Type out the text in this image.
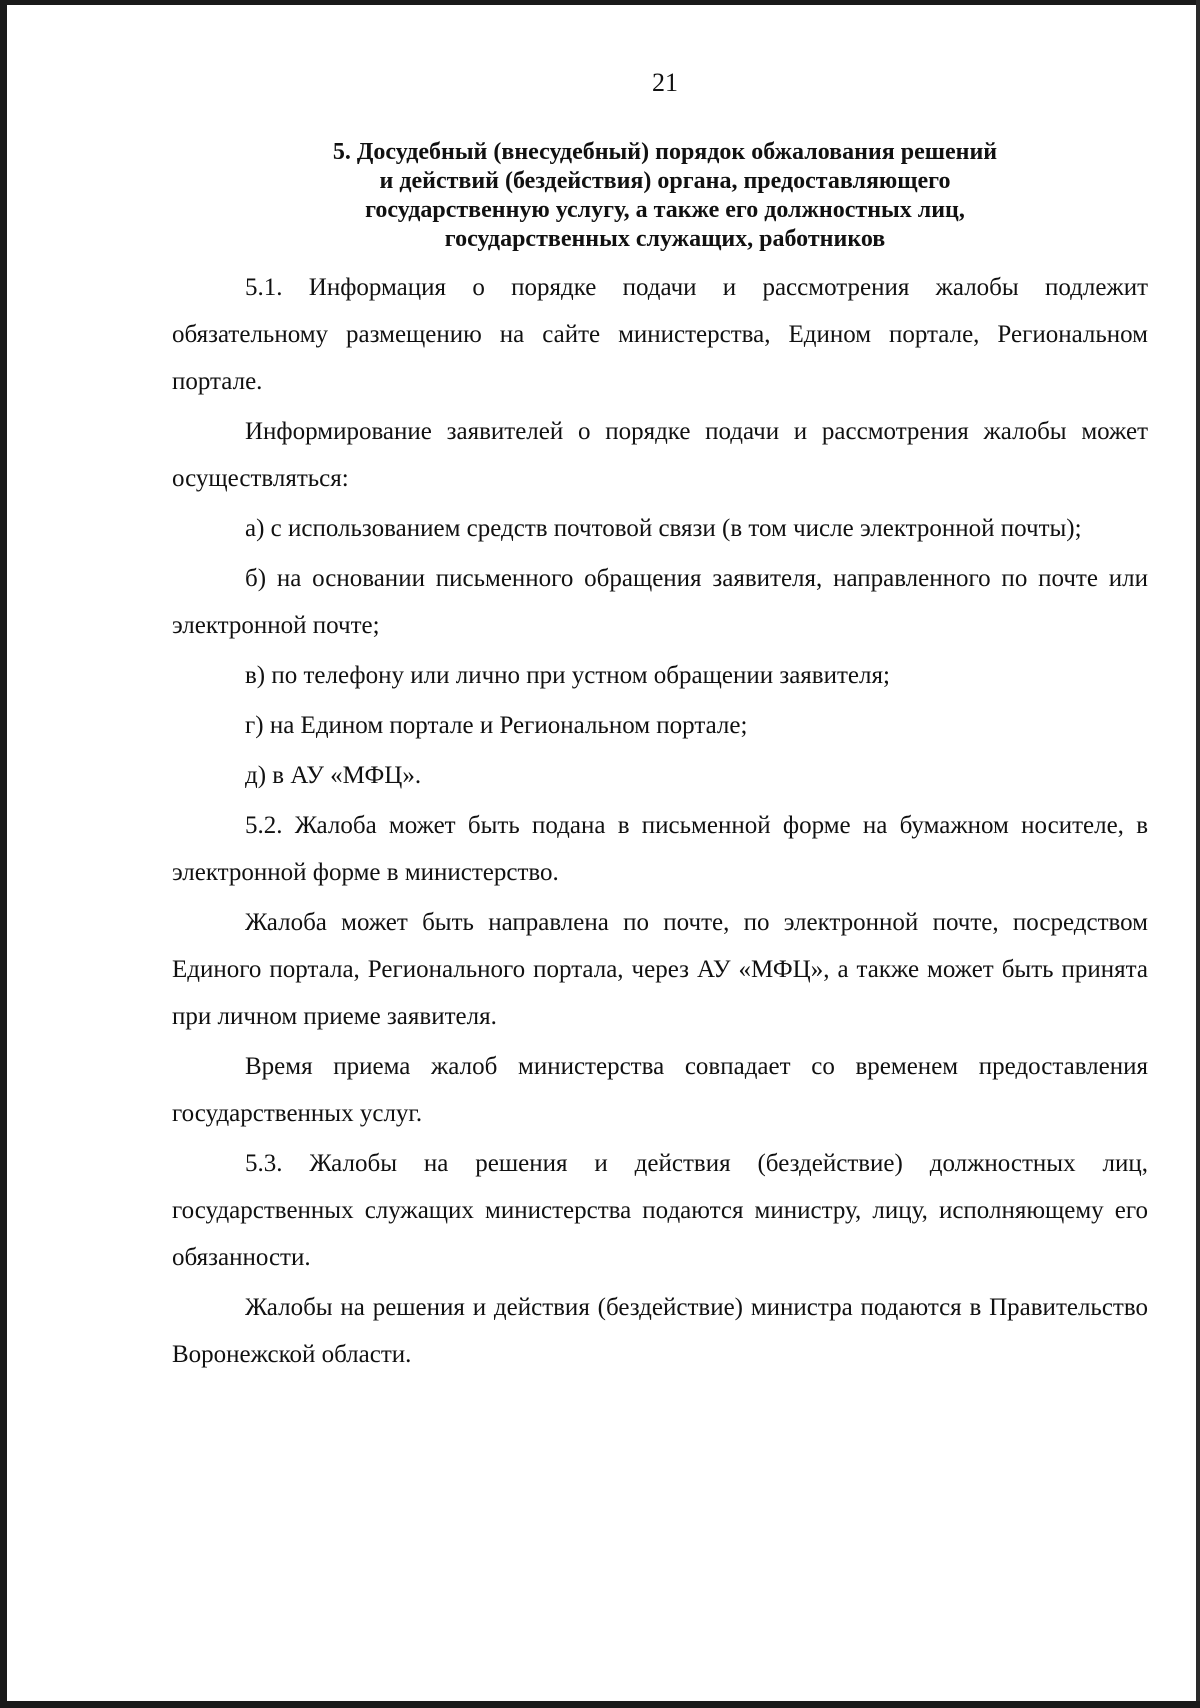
21
5. Досудебный (внесудебный) порядок обжалования решений
и действий (бездействия) органа, предоставляющего
государственную услугу, а также его должностных лиц,
государственных служащих, работников

5.1. Информация о порядке подачи и рассмотрения жалобы подлежит обязательному размещению на сайте министерства, Едином портале, Региональном портале.

Информирование заявителей о порядке подачи и рассмотрения жалобы может осуществляться:

а) с использованием средств почтовой связи (в том числе электронной почты);

б) на основании письменного обращения заявителя, направленного по почте или электронной почте;

в) по телефону или лично при устном обращении заявителя;

г) на Едином портале и Региональном портале;

д) в АУ «МФЦ».

5.2. Жалоба может быть подана в письменной форме на бумажном носителе, в электронной форме в министерство.

Жалоба может быть направлена по почте, по электронной почте, посредством Единого портала, Регионального портала, через АУ «МФЦ», а также может быть принята при личном приеме заявителя.

Время приема жалоб министерства совпадает со временем предоставления государственных услуг.

5.3. Жалобы на решения и действия (бездействие) должностных лиц, государственных служащих министерства подаются министру, лицу, исполняющему его обязанности.

Жалобы на решения и действия (бездействие) министра подаются в Правительство Воронежской области.
